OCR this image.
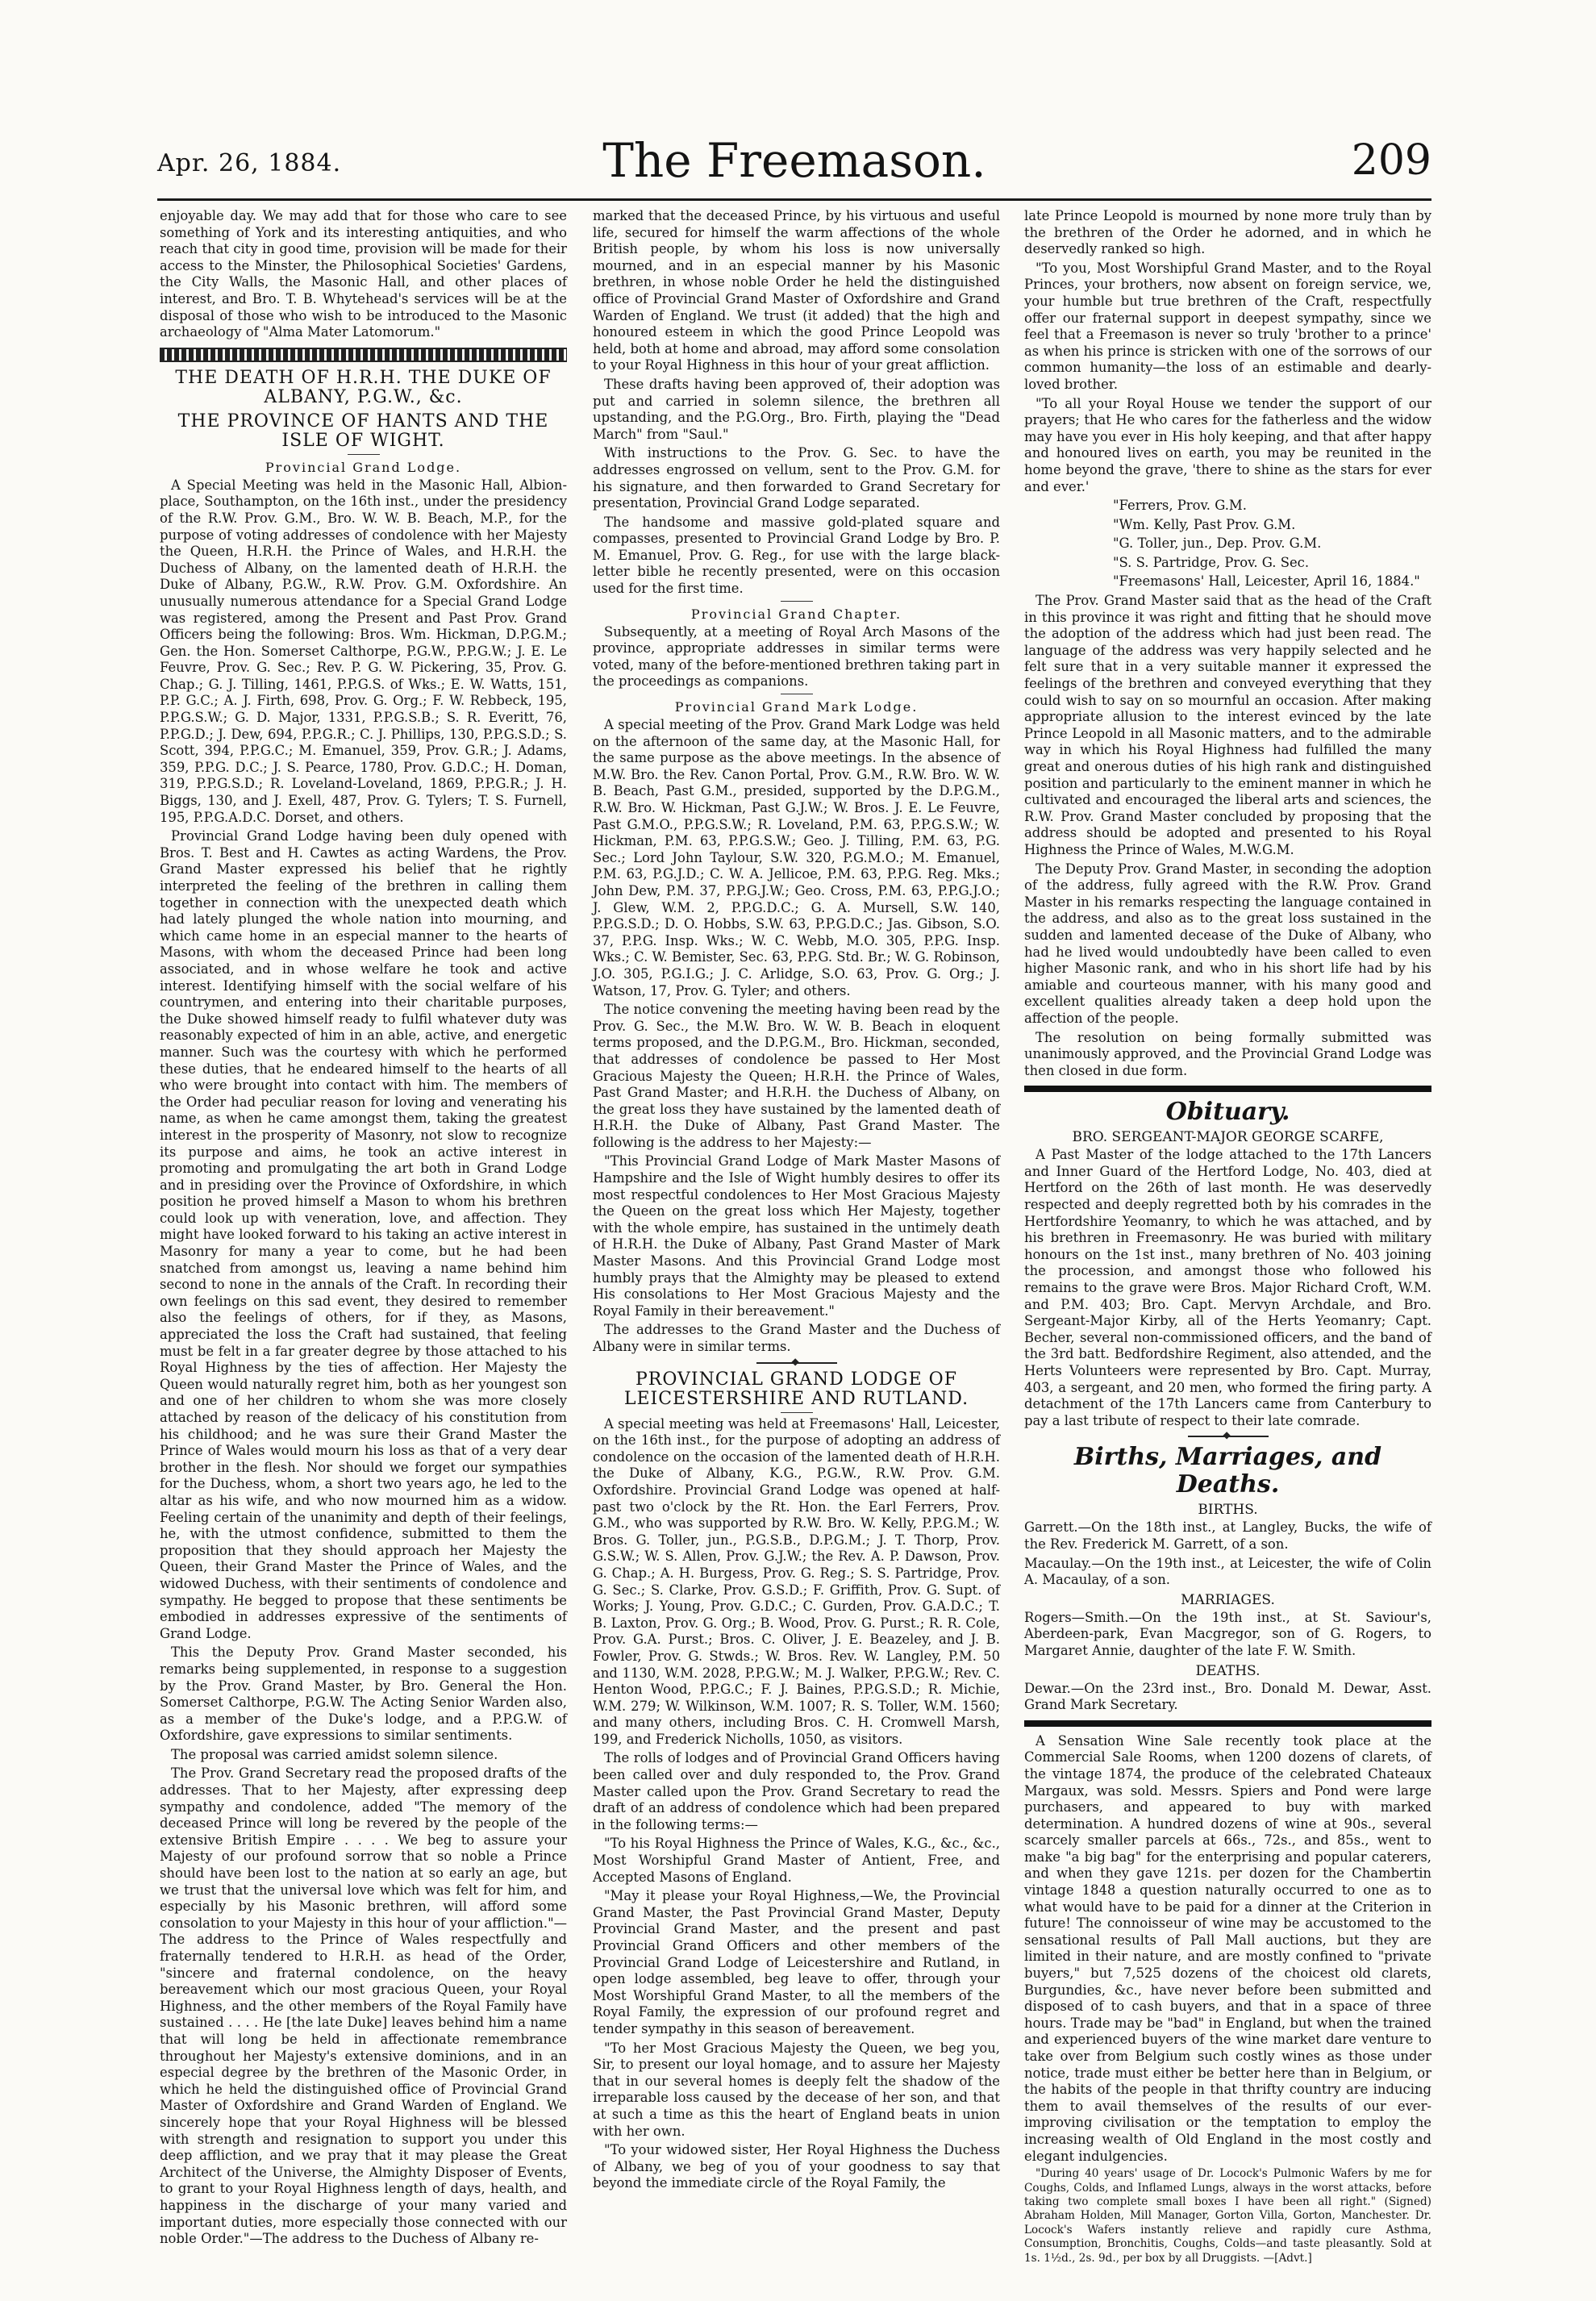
Apr. 26, 1884.	The Freemason.	209

enjoyable day. We may add that for those who care to see something of York and its interesting antiquities, and who reach that city in good time, provision will be made for their access to the Minster, the Philosophical Societies' Gardens, the City Walls, the Masonic Hall, and other places of interest, and Bro. T. B. Whytehead's services will be at the disposal of those who wish to be introduced to the Masonic archaeology of "Alma Mater Latomorum."

THE DEATH OF H.R.H. THE DUKE OF ALBANY, P.G.W., &c.
THE PROVINCE OF HANTS AND THE ISLE OF WIGHT.
Provincial Grand Lodge.

A Special Meeting was held in the Masonic Hall, Albion-place, Southampton, on the 16th inst., under the presidency of the R.W. Prov. G.M., Bro. W. W. B. Beach, M.P., for the purpose of voting addresses of condolence with her Majesty the Queen, H.R.H. the Prince of Wales, and H.R.H. the Duchess of Albany, on the lamented death of H.R.H. the Duke of Albany, P.G.W., R.W. Prov. G.M. Oxfordshire. An unusually numerous attendance for a Special Grand Lodge was registered, among the Present and Past Prov. Grand Officers being the following: Bros. Wm. Hickman, D.P.G.M.; Gen. the Hon. Somerset Calthorpe, P.G.W., P.P.G.W.; J. E. Le Feuvre, Prov. G. Sec.; Rev. P. G. W. Pickering, 35, Prov. G. Chap.; G. J. Tilling, 1461, P.P.G.S. of Wks.; E. W. Watts, 151, P.P. G.C.; A. J. Firth, 698, Prov. G. Org.; F. W. Rebbeck, 195, P.P.G.S.W.; G. D. Major, 1331, P.P.G.S.B.; S. R. Everitt, 76, P.P.G.D.; J. Dew, 694, P.P.G.R.; C. J. Phillips, 130, P.P.G.S.D.; S. Scott, 394, P.P.G.C.; M. Emanuel, 359, Prov. G.R.; J. Adams, 359, P.P.G. D.C.; J. S. Pearce, 1780, Prov. G.D.C.; H. Doman, 319, P.P.G.S.D.; R. Loveland-Loveland, 1869, P.P.G.R.; J. H. Biggs, 130, and J. Exell, 487, Prov. G. Tylers; T. S. Furnell, 195, P.P.G.A.D.C. Dorset, and others.

Provincial Grand Lodge having been duly opened with Bros. T. Best and H. Cawtes as acting Wardens, the Prov. Grand Master expressed his belief that he rightly interpreted the feeling of the brethren in calling them together in connection with the unexpected death which had lately plunged the whole nation into mourning, and which came home in an especial manner to the hearts of Masons, with whom the deceased Prince had been long associated, and in whose welfare he took and active interest. Identifying himself with the social welfare of his countrymen, and entering into their charitable purposes, the Duke showed himself ready to fulfil whatever duty was reasonably expected of him in an able, active, and energetic manner. Such was the courtesy with which he performed these duties, that he endeared himself to the hearts of all who were brought into contact with him. The members of the Order had peculiar reason for loving and venerating his name, as when he came amongst them, taking the greatest interest in the prosperity of Masonry, not slow to recognize its purpose and aims, he took an active interest in promoting and promulgating the art both in Grand Lodge and in presiding over the Province of Oxfordshire, in which position he proved himself a Mason to whom his brethren could look up with veneration, love, and affection. They might have looked forward to his taking an active interest in Masonry for many a year to come, but he had been snatched from amongst us, leaving a name behind him second to none in the annals of the Craft. In recording their own feelings on this sad event, they desired to remember also the feelings of others, for if they, as Masons, appreciated the loss the Craft had sustained, that feeling must be felt in a far greater degree by those attached to his Royal Highness by the ties of affection. Her Majesty the Queen would naturally regret him, both as her youngest son and one of her children to whom she was more closely attached by reason of the delicacy of his constitution from his childhood; and he was sure their Grand Master the Prince of Wales would mourn his loss as that of a very dear brother in the flesh. Nor should we forget our sympathies for the Duchess, whom, a short two years ago, he led to the altar as his wife, and who now mourned him as a widow. Feeling certain of the unanimity and depth of their feelings, he, with the utmost confidence, submitted to them the proposition that they should approach her Majesty the Queen, their Grand Master the Prince of Wales, and the widowed Duchess, with their sentiments of condolence and sympathy. He begged to propose that these sentiments be embodied in addresses expressive of the sentiments of Grand Lodge.

This the Deputy Prov. Grand Master seconded, his remarks being supplemented, in response to a suggestion by the Prov. Grand Master, by Bro. General the Hon. Somerset Calthorpe, P.G.W. The Acting Senior Warden also, as a member of the Duke's lodge, and a P.P.G.W. of Oxfordshire, gave expressions to similar sentiments.

The proposal was carried amidst solemn silence.

The Prov. Grand Secretary read the proposed drafts of the addresses. That to her Majesty, after expressing deep sympathy and condolence, added "The memory of the deceased Prince will long be revered by the people of the extensive British Empire . . . . We beg to assure your Majesty of our profound sorrow that so noble a Prince should have been lost to the nation at so early an age, but we trust that the universal love which was felt for him, and especially by his Masonic brethren, will afford some consolation to your Majesty in this hour of your affliction."—The address to the Prince of Wales respectfully and fraternally tendered to H.R.H. as head of the Order, "sincere and fraternal condolence, on the heavy bereavement which our most gracious Queen, your Royal Highness, and the other members of the Royal Family have sustained . . . . He [the late Duke] leaves behind him a name that will long be held in affectionate remembrance throughout her Majesty's extensive dominions, and in an especial degree by the brethren of the Masonic Order, in which he held the distinguished office of Provincial Grand Master of Oxfordshire and Grand Warden of England. We sincerely hope that your Royal Highness will be blessed with strength and resignation to support you under this deep affliction, and we pray that it may please the Great Architect of the Universe, the Almighty Disposer of Events, to grant to your Royal Highness length of days, health, and happiness in the discharge of your many varied and important duties, more especially those connected with our noble Order."—The address to the Duchess of Albany re-

marked that the deceased Prince, by his virtuous and useful life, secured for himself the warm affections of the whole British people, by whom his loss is now universally mourned, and in an especial manner by his Masonic brethren, in whose noble Order he held the distinguished office of Provincial Grand Master of Oxfordshire and Grand Warden of England. We trust (it added) that the high and honoured esteem in which the good Prince Leopold was held, both at home and abroad, may afford some consolation to your Royal Highness in this hour of your great affliction.

These drafts having been approved of, their adoption was put and carried in solemn silence, the brethren all upstanding, and the P.G.Org., Bro. Firth, playing the "Dead March" from "Saul."

With instructions to the Prov. G. Sec. to have the addresses engrossed on vellum, sent to the Prov. G.M. for his signature, and then forwarded to Grand Secretary for presentation, Provincial Grand Lodge separated.

The handsome and massive gold-plated square and compasses, presented to Provincial Grand Lodge by Bro. P. M. Emanuel, Prov. G. Reg., for use with the large black-letter bible he recently presented, were on this occasion used for the first time.

Provincial Grand Chapter.

Subsequently, at a meeting of Royal Arch Masons of the province, appropriate addresses in similar terms were voted, many of the before-mentioned brethren taking part in the proceedings as companions.

Provincial Grand Mark Lodge.

A special meeting of the Prov. Grand Mark Lodge was held on the afternoon of the same day, at the Masonic Hall, for the same purpose as the above meetings. In the absence of M.W. Bro. the Rev. Canon Portal, Prov. G.M., R.W. Bro. W. W. B. Beach, Past G.M., presided, supported by the D.P.G.M., R.W. Bro. W. Hickman, Past G.J.W.; W. Bros. J. E. Le Feuvre, Past G.M.O., P.P.G.S.W.; R. Loveland, P.M. 63, P.P.G.S.W.; W. Hickman, P.M. 63, P.P.G.S.W.; Geo. J. Tilling, P.M. 63, P.G. Sec.; Lord John Taylour, S.W. 320, P.G.M.O.; M. Emanuel, P.M. 63, P.G.J.D.; C. W. A. Jellicoe, P.M. 63, P.P.G. Reg. Mks.; John Dew, P.M. 37, P.P.G.J.W.; Geo. Cross, P.M. 63, P.P.G.J.O.; J. Glew, W.M. 2, P.P.G.D.C.; G. A. Mursell, S.W. 140, P.P.G.S.D.; D. O. Hobbs, S.W. 63, P.P.G.D.C.; Jas. Gibson, S.O. 37, P.P.G. Insp. Wks.; W. C. Webb, M.O. 305, P.P.G. Insp. Wks.; C. W. Bemister, Sec. 63, P.P.G. Std. Br.; W. G. Robinson, J.O. 305, P.G.I.G.; J. C. Arlidge, S.O. 63, Prov. G. Org.; J. Watson, 17, Prov. G. Tyler; and others.

The notice convening the meeting having been read by the Prov. G. Sec., the M.W. Bro. W. W. B. Beach in eloquent terms proposed, and the D.P.G.M., Bro. Hickman, seconded, that addresses of condolence be passed to Her Most Gracious Majesty the Queen; H.R.H. the Prince of Wales, Past Grand Master; and H.R.H. the Duchess of Albany, on the great loss they have sustained by the lamented death of H.R.H. the Duke of Albany, Past Grand Master. The following is the address to her Majesty:—

"This Provincial Grand Lodge of Mark Master Masons of Hampshire and the Isle of Wight humbly desires to offer its most respectful condolences to Her Most Gracious Majesty the Queen on the great loss which Her Majesty, together with the whole empire, has sustained in the untimely death of H.R.H. the Duke of Albany, Past Grand Master of Mark Master Masons. And this Provincial Grand Lodge most humbly prays that the Almighty may be pleased to extend His consolations to Her Most Gracious Majesty and the Royal Family in their bereavement."

The addresses to the Grand Master and the Duchess of Albany were in similar terms.

◆
PROVINCIAL GRAND LODGE OF LEICESTERSHIRE AND RUTLAND.

A special meeting was held at Freemasons' Hall, Leicester, on the 16th inst., for the purpose of adopting an address of condolence on the occasion of the lamented death of H.R.H. the Duke of Albany, K.G., P.G.W., R.W. Prov. G.M. Oxfordshire. Provincial Grand Lodge was opened at half-past two o'clock by the Rt. Hon. the Earl Ferrers, Prov. G.M., who was supported by R.W. Bro. W. Kelly, P.P.G.M.; W. Bros. G. Toller, jun., P.G.S.B., D.P.G.M.; J. T. Thorp, Prov. G.S.W.; W. S. Allen, Prov. G.J.W.; the Rev. A. P. Dawson, Prov. G. Chap.; A. H. Burgess, Prov. G. Reg.; S. S. Partridge, Prov. G. Sec.; S. Clarke, Prov. G.S.D.; F. Griffith, Prov. G. Supt. of Works; J. Young, Prov. G.D.C.; C. Gurden, Prov. G.A.D.C.; T. B. Laxton, Prov. G. Org.; B. Wood, Prov. G. Purst.; R. R. Cole, Prov. G.A. Purst.; Bros. C. Oliver, J. E. Beazeley, and J. B. Fowler, Prov. G. Stwds.; W. Bros. Rev. W. Langley, P.M. 50 and 1130, W.M. 2028, P.P.G.W.; M. J. Walker, P.P.G.W.; Rev. C. Henton Wood, P.P.G.C.; F. J. Baines, P.P.G.S.D.; R. Michie, W.M. 279; W. Wilkinson, W.M. 1007; R. S. Toller, W.M. 1560; and many others, including Bros. C. H. Cromwell Marsh, 199, and Frederick Nicholls, 1050, as visitors.

The rolls of lodges and of Provincial Grand Officers having been called over and duly responded to, the Prov. Grand Master called upon the Prov. Grand Secretary to read the draft of an address of condolence which had been prepared in the following terms:—

"To his Royal Highness the Prince of Wales, K.G., &c., &c., Most Worshipful Grand Master of Antient, Free, and Accepted Masons of England.

"May it please your Royal Highness,—We, the Provincial Grand Master, the Past Provincial Grand Master, Deputy Provincial Grand Master, and the present and past Provincial Grand Officers and other members of the Provincial Grand Lodge of Leicestershire and Rutland, in open lodge assembled, beg leave to offer, through your Most Worshipful Grand Master, to all the members of the Royal Family, the expression of our profound regret and tender sympathy in this season of bereavement.

"To her Most Gracious Majesty the Queen, we beg you, Sir, to present our loyal homage, and to assure her Majesty that in our several homes is deeply felt the shadow of the irreparable loss caused by the decease of her son, and that at such a time as this the heart of England beats in union with her own.

"To your widowed sister, Her Royal Highness the Duchess of Albany, we beg of you of your goodness to say that beyond the immediate circle of the Royal Family, the

late Prince Leopold is mourned by none more truly than by the brethren of the Order he adorned, and in which he deservedly ranked so high.

"To you, Most Worshipful Grand Master, and to the Royal Princes, your brothers, now absent on foreign service, we, your humble but true brethren of the Craft, respectfully offer our fraternal support in deepest sympathy, since we feel that a Freemason is never so truly 'brother to a prince' as when his prince is stricken with one of the sorrows of our common humanity—the loss of an estimable and dearly-loved brother.

"To all your Royal House we tender the support of our prayers; that He who cares for the fatherless and the widow may have you ever in His holy keeping, and that after happy and honoured lives on earth, you may be reunited in the home beyond the grave, 'there to shine as the stars for ever and ever.'

"Ferrers, Prov. G.M.

"Wm. Kelly, Past Prov. G.M.

"G. Toller, jun., Dep. Prov. G.M.

"S. S. Partridge, Prov. G. Sec.

"Freemasons' Hall, Leicester, April 16, 1884."

The Prov. Grand Master said that as the head of the Craft in this province it was right and fitting that he should move the adoption of the address which had just been read. The language of the address was very happily selected and he felt sure that in a very suitable manner it expressed the feelings of the brethren and conveyed everything that they could wish to say on so mournful an occasion. After making appropriate allusion to the interest evinced by the late Prince Leopold in all Masonic matters, and to the admirable way in which his Royal Highness had fulfilled the many great and onerous duties of his high rank and distinguished position and particularly to the eminent manner in which he cultivated and encouraged the liberal arts and sciences, the R.W. Prov. Grand Master concluded by proposing that the address should be adopted and presented to his Royal Highness the Prince of Wales, M.W.G.M.

The Deputy Prov. Grand Master, in seconding the adoption of the address, fully agreed with the R.W. Prov. Grand Master in his remarks respecting the language contained in the address, and also as to the great loss sustained in the sudden and lamented decease of the Duke of Albany, who had he lived would undoubtedly have been called to even higher Masonic rank, and who in his short life had by his amiable and courteous manner, with his many good and excellent qualities already taken a deep hold upon the affection of the people.

The resolution on being formally submitted was unanimously approved, and the Provincial Grand Lodge was then closed in due form.

Obituary.
BRO. SERGEANT-MAJOR GEORGE SCARFE,

A Past Master of the lodge attached to the 17th Lancers and Inner Guard of the Hertford Lodge, No. 403, died at Hertford on the 26th of last month. He was deservedly respected and deeply regretted both by his comrades in the Hertfordshire Yeomanry, to which he was attached, and by his brethren in Freemasonry. He was buried with military honours on the 1st inst., many brethren of No. 403 joining the procession, and amongst those who followed his remains to the grave were Bros. Major Richard Croft, W.M. and P.M. 403; Bro. Capt. Mervyn Archdale, and Bro. Sergeant-Major Kirby, all of the Herts Yeomanry; Capt. Becher, several non-commissioned officers, and the band of the 3rd batt. Bedfordshire Regiment, also attended, and the Herts Volunteers were represented by Bro. Capt. Murray, 403, a sergeant, and 20 men, who formed the firing party. A detachment of the 17th Lancers came from Canterbury to pay a last tribute of respect to their late comrade.

◆
Births, Marriages, and Deaths.
BIRTHS.

Garrett.—On the 18th inst., at Langley, Bucks, the wife of the Rev. Frederick M. Garrett, of a son.

Macaulay.—On the 19th inst., at Leicester, the wife of Colin A. Macaulay, of a son.

MARRIAGES.

Rogers—Smith.—On the 19th inst., at St. Saviour's, Aberdeen-park, Evan Macgregor, son of G. Rogers, to Margaret Annie, daughter of the late F. W. Smith.

DEATHS.

Dewar.—On the 23rd inst., Bro. Donald M. Dewar, Asst. Grand Mark Secretary.

A Sensation Wine Sale recently took place at the Commercial Sale Rooms, when 1200 dozens of clarets, of the vintage 1874, the produce of the celebrated Chateaux Margaux, was sold. Messrs. Spiers and Pond were large purchasers, and appeared to buy with marked determination. A hundred dozens of wine at 90s., several scarcely smaller parcels at 66s., 72s., and 85s., went to make "a big bag" for the enterprising and popular caterers, and when they gave 121s. per dozen for the Chambertin vintage 1848 a question naturally occurred to one as to what would have to be paid for a dinner at the Criterion in future! The connoisseur of wine may be accustomed to the sensational results of Pall Mall auctions, but they are limited in their nature, and are mostly confined to "private buyers," but 7,525 dozens of the choicest old clarets, Burgundies, &c., have never before been submitted and disposed of to cash buyers, and that in a space of three hours. Trade may be "bad" in England, but when the trained and experienced buyers of the wine market dare venture to take over from Belgium such costly wines as those under notice, trade must either be better here than in Belgium, or the habits of the people in that thrifty country are inducing them to avail themselves of the results of our ever-improving civilisation or the temptation to employ the increasing wealth of Old England in the most costly and elegant indulgencies.

"During 40 years' usage of Dr. Locock's Pulmonic Wafers by me for Coughs, Colds, and Inflamed Lungs, always in the worst attacks, before taking two complete small boxes I have been all right." (Signed) Abraham Holden, Mill Manager, Gorton Villa, Gorton, Manchester. Dr. Locock's Wafers instantly relieve and rapidly cure Asthma, Consumption, Bronchitis, Coughs, Colds—and taste pleasantly. Sold at 1s. 1½d., 2s. 9d., per box by all Druggists. —[Advt.]
